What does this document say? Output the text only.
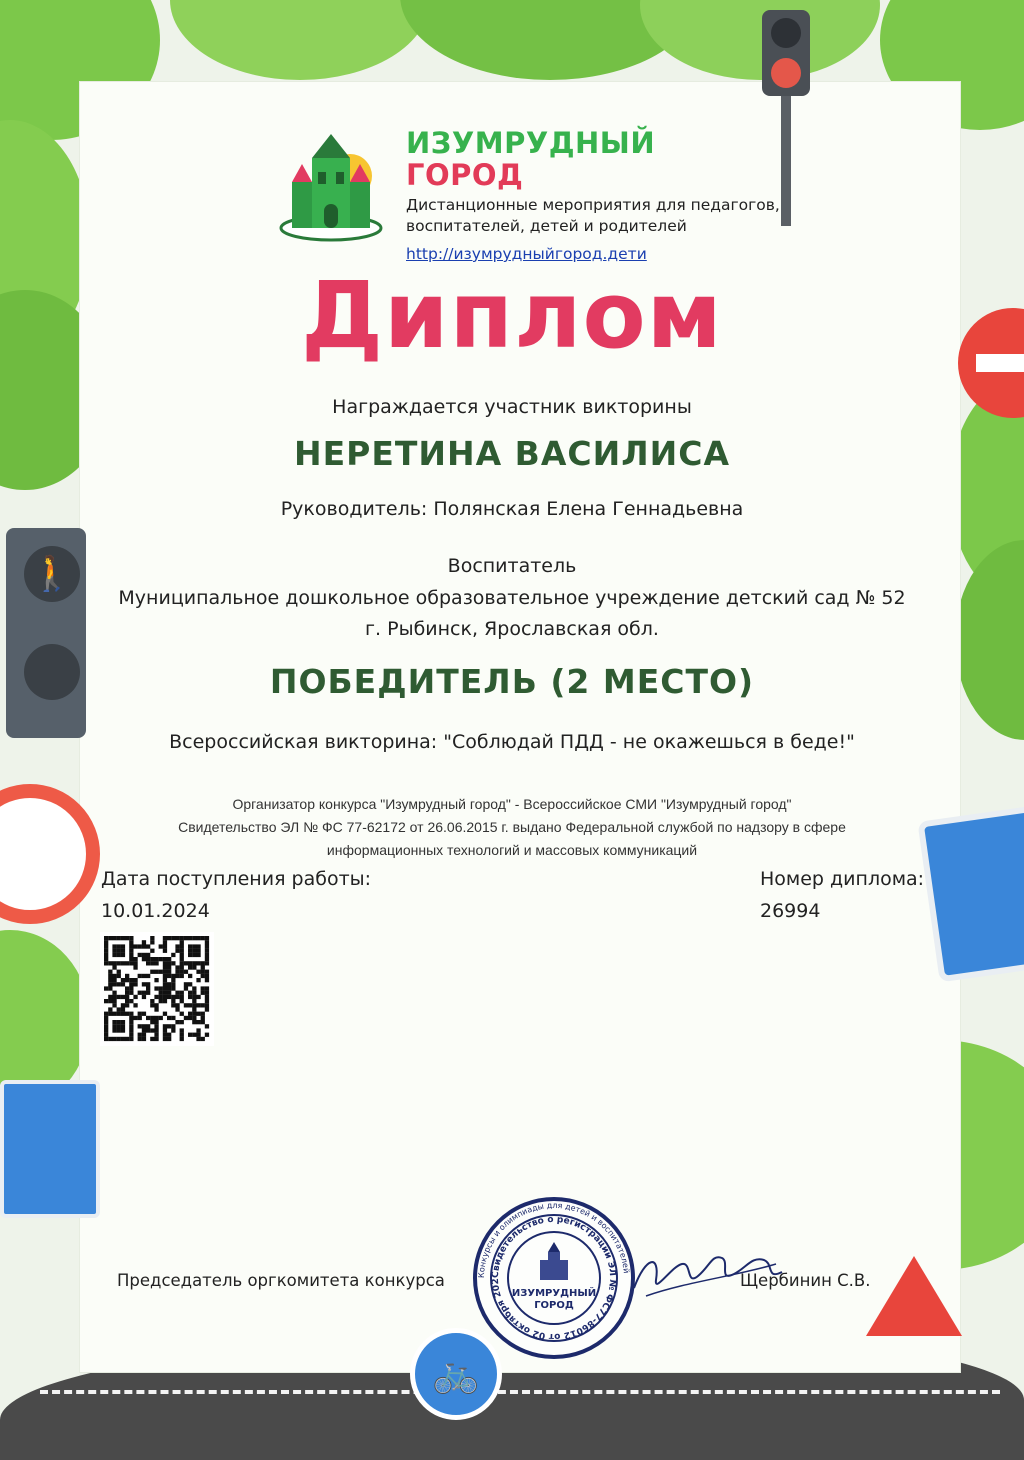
🚶
🚲
ИЗУМРУДНЫЙ
ГОРОД
Дистанционные мероприятия для педагогов, воспитателей, детей и родителей
http://изумрудныйгород.дети
Диплом
Награждается участник викторины
НЕРЕТИНА ВАСИЛИСА
Руководитель: Полянская Елена Геннадьевна
Воспитатель
Муниципальное дошкольное образовательное учреждение детский сад № 52
г. Рыбинск, Ярославская обл.
ПОБЕДИТЕЛЬ (2 МЕСТО)
Всероссийская викторина: "Соблюдай ПДД - не окажешься в беде!"
Организатор конкурса "Изумрудный город" - Всероссийское СМИ "Изумрудный город"
Свидетельство ЭЛ № ФС 77-62172 от 26.06.2015 г. выдано Федеральной службой по надзору в сфере
информационных технологий и массовых коммуникаций
Дата поступления работы:
10.01.2024
Номер диплома:
26994
Председатель оргкомитета конкурса	Конкурсы и олимпиады для детей и воспитателей
Свидетельство о регистрации ЭЛ № ФС77-86012 от 02 октября 202
ИЗУМРУДНЫЙ
ГОРОД
Щербинин С.В.
